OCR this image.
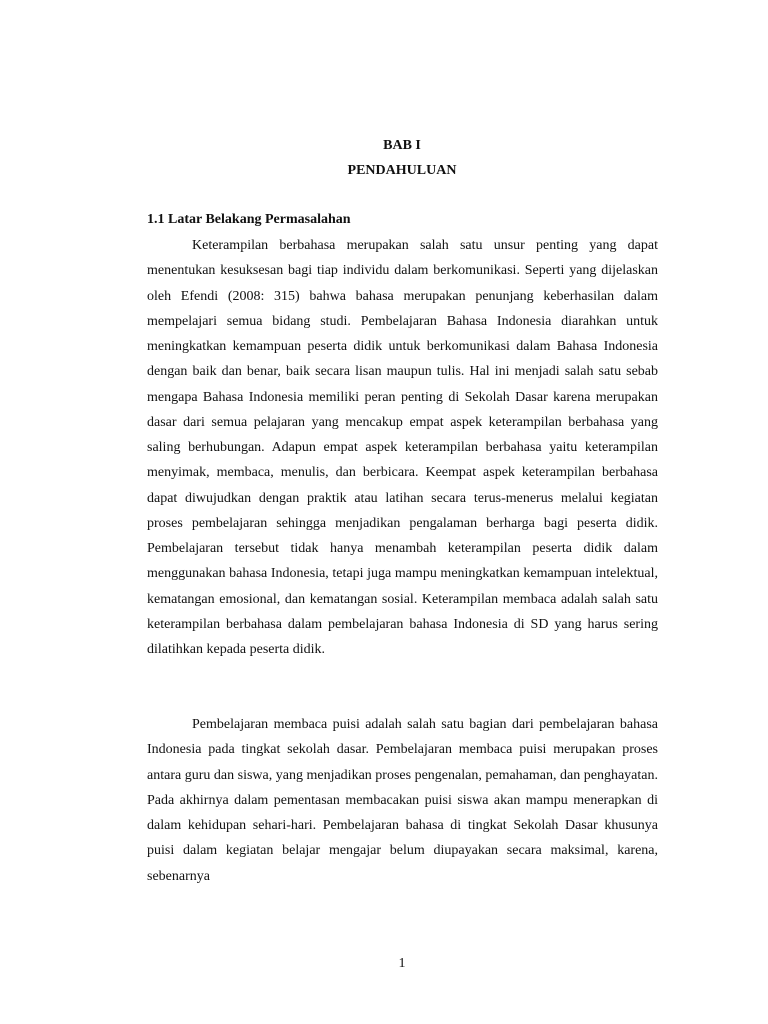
BAB I
PENDAHULUAN
1.1 Latar Belakang Permasalahan

Keterampilan berbahasa merupakan salah satu unsur penting yang dapat menentukan kesuksesan bagi tiap individu dalam berkomunikasi. Seperti yang dijelaskan oleh Efendi (2008: 315) bahwa bahasa merupakan penunjang keberhasilan dalam mempelajari semua bidang studi. Pembelajaran Bahasa Indonesia diarahkan untuk meningkatkan kemampuan peserta didik untuk berkomunikasi dalam Bahasa Indonesia dengan baik dan benar, baik secara lisan maupun tulis. Hal ini menjadi salah satu sebab mengapa Bahasa Indonesia memiliki peran penting di Sekolah Dasar karena merupakan dasar dari semua pelajaran yang mencakup empat aspek keterampilan berbahasa yang saling berhubungan. Adapun empat aspek keterampilan berbahasa yaitu keterampilan menyimak, membaca, menulis, dan berbicara. Keempat aspek keterampilan berbahasa dapat diwujudkan dengan praktik atau latihan secara terus-menerus melalui kegiatan proses pembelajaran sehingga menjadikan pengalaman berharga bagi peserta didik. Pembelajaran tersebut tidak hanya menambah keterampilan peserta didik dalam menggunakan bahasa Indonesia, tetapi juga mampu meningkatkan kemampuan intelektual, kematangan emosional, dan kematangan sosial. Keterampilan membaca adalah salah satu keterampilan berbahasa dalam pembelajaran bahasa Indonesia di SD yang harus sering dilatihkan kepada peserta didik.

Pembelajaran membaca puisi adalah salah satu bagian dari pembelajaran bahasa Indonesia pada tingkat sekolah dasar. Pembelajaran membaca puisi merupakan proses antara guru dan siswa, yang menjadikan proses pengenalan, pemahaman, dan penghayatan. Pada akhirnya dalam pementasan membacakan puisi siswa akan mampu menerapkan di dalam kehidupan sehari-hari. Pembelajaran bahasa di tingkat Sekolah Dasar khusunya puisi dalam kegiatan belajar mengajar belum diupayakan secara maksimal, karena, sebenarnya

1
